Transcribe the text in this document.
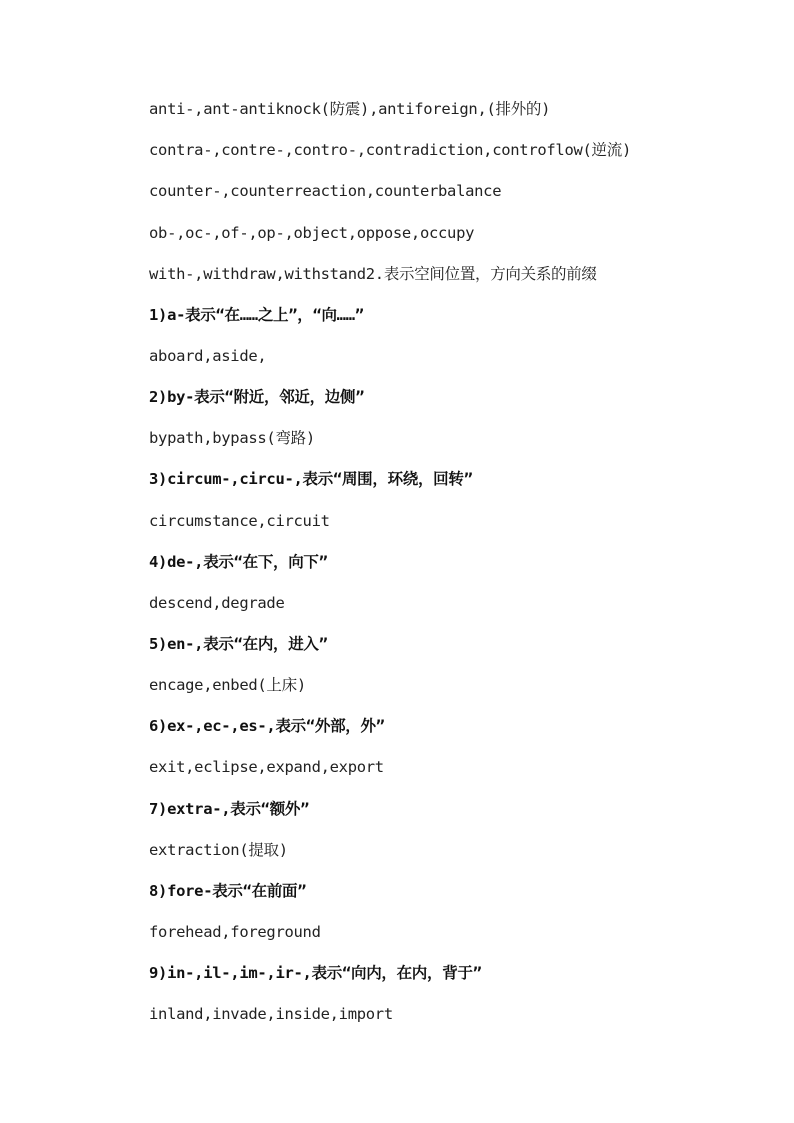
anti-,ant-antiknock(防震),antiforeign,(排外的)
contra-,contre-,contro-,contradiction,controflow(逆流)
counter-,counterreaction,counterbalance
ob-,oc-,of-,op-,object,oppose,occupy
with-,withdraw,withstand2.表示空间位置，方向关系的前缀
1)a-表示“在……之上”，“向……”
aboard,aside,
2)by-表示“附近，邻近，边侧”
bypath,bypass(弯路)
3)circum-,circu-,表示“周围，环绕，回转”
circumstance,circuit
4)de-,表示“在下，向下”
descend,degrade
5)en-,表示“在内，进入”
encage,enbed(上床)
6)ex-,ec-,es-,表示“外部，外”
exit,eclipse,expand,export
7)extra-,表示“额外”
extraction(提取)
8)fore-表示“在前面”
forehead,foreground
9)in-,il-,im-,ir-,表示“向内，在内，背于”
inland,invade,inside,import
